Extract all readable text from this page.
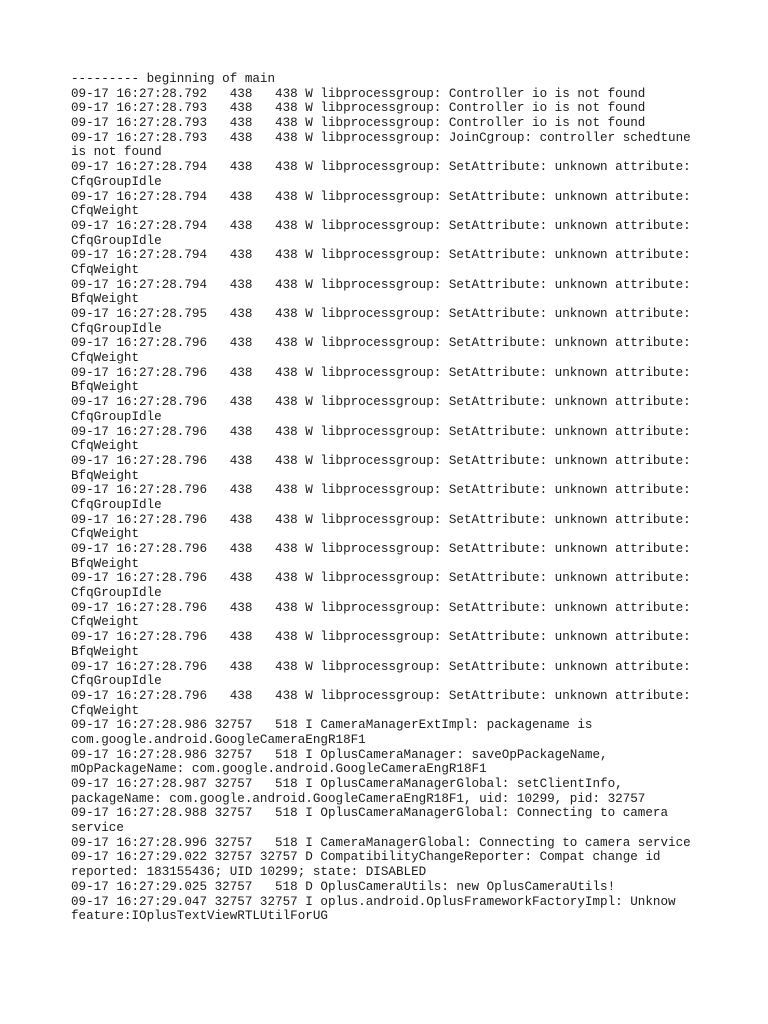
--------- beginning of main
09-17 16:27:28.792   438   438 W libprocessgroup: Controller io is not found
09-17 16:27:28.793   438   438 W libprocessgroup: Controller io is not found
09-17 16:27:28.793   438   438 W libprocessgroup: Controller io is not found
09-17 16:27:28.793   438   438 W libprocessgroup: JoinCgroup: controller schedtune
is not found
09-17 16:27:28.794   438   438 W libprocessgroup: SetAttribute: unknown attribute:
CfqGroupIdle
09-17 16:27:28.794   438   438 W libprocessgroup: SetAttribute: unknown attribute:
CfqWeight
09-17 16:27:28.794   438   438 W libprocessgroup: SetAttribute: unknown attribute:
CfqGroupIdle
09-17 16:27:28.794   438   438 W libprocessgroup: SetAttribute: unknown attribute:
CfqWeight
09-17 16:27:28.794   438   438 W libprocessgroup: SetAttribute: unknown attribute:
BfqWeight
09-17 16:27:28.795   438   438 W libprocessgroup: SetAttribute: unknown attribute:
CfqGroupIdle
09-17 16:27:28.796   438   438 W libprocessgroup: SetAttribute: unknown attribute:
CfqWeight
09-17 16:27:28.796   438   438 W libprocessgroup: SetAttribute: unknown attribute:
BfqWeight
09-17 16:27:28.796   438   438 W libprocessgroup: SetAttribute: unknown attribute:
CfqGroupIdle
09-17 16:27:28.796   438   438 W libprocessgroup: SetAttribute: unknown attribute:
CfqWeight
09-17 16:27:28.796   438   438 W libprocessgroup: SetAttribute: unknown attribute:
BfqWeight
09-17 16:27:28.796   438   438 W libprocessgroup: SetAttribute: unknown attribute:
CfqGroupIdle
09-17 16:27:28.796   438   438 W libprocessgroup: SetAttribute: unknown attribute:
CfqWeight
09-17 16:27:28.796   438   438 W libprocessgroup: SetAttribute: unknown attribute:
BfqWeight
09-17 16:27:28.796   438   438 W libprocessgroup: SetAttribute: unknown attribute:
CfqGroupIdle
09-17 16:27:28.796   438   438 W libprocessgroup: SetAttribute: unknown attribute:
CfqWeight
09-17 16:27:28.796   438   438 W libprocessgroup: SetAttribute: unknown attribute:
BfqWeight
09-17 16:27:28.796   438   438 W libprocessgroup: SetAttribute: unknown attribute:
CfqGroupIdle
09-17 16:27:28.796   438   438 W libprocessgroup: SetAttribute: unknown attribute:
CfqWeight
09-17 16:27:28.986 32757   518 I CameraManagerExtImpl: packagename is
com.google.android.GoogleCameraEngR18F1
09-17 16:27:28.986 32757   518 I OplusCameraManager: saveOpPackageName,
mOpPackageName: com.google.android.GoogleCameraEngR18F1
09-17 16:27:28.987 32757   518 I OplusCameraManagerGlobal: setClientInfo,
packageName: com.google.android.GoogleCameraEngR18F1, uid: 10299, pid: 32757
09-17 16:27:28.988 32757   518 I OplusCameraManagerGlobal: Connecting to camera
service
09-17 16:27:28.996 32757   518 I CameraManagerGlobal: Connecting to camera service
09-17 16:27:29.022 32757 32757 D CompatibilityChangeReporter: Compat change id
reported: 183155436; UID 10299; state: DISABLED
09-17 16:27:29.025 32757   518 D OplusCameraUtils: new OplusCameraUtils!
09-17 16:27:29.047 32757 32757 I oplus.android.OplusFrameworkFactoryImpl: Unknow
feature:IOplusTextViewRTLUtilForUG
